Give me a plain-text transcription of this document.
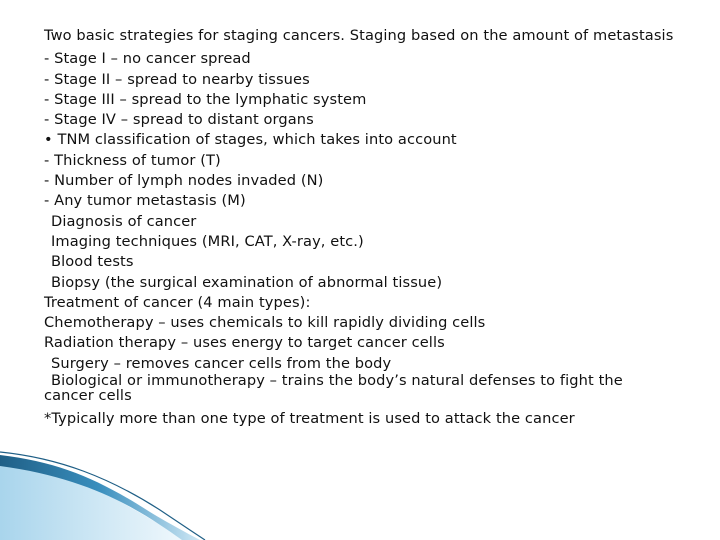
Two basic strategies for staging cancers. Staging based on the amount of metastasis
- Stage I – no cancer spread
- Stage II – spread to nearby tissues
- Stage III – spread to the lymphatic system
- Stage IV – spread to distant organs
• TNM classification of stages, which takes into account
- Thickness of tumor (T)
- Number of lymph nodes invaded (N)
- Any tumor metastasis (M)
Diagnosis of cancer
Imaging techniques (MRI, CAT, X-ray, etc.)
Blood tests
Biopsy (the surgical examination of abnormal tissue)
Treatment of cancer (4 main types):
Chemotherapy – uses chemicals to kill rapidly dividing cells
Radiation therapy – uses energy to target cancer cells
Surgery – removes cancer cells from the body
Biological or immunotherapy – trains the body’s natural defenses to fight the cancer cells
*Typically more than one type of treatment is used to attack the cancer
